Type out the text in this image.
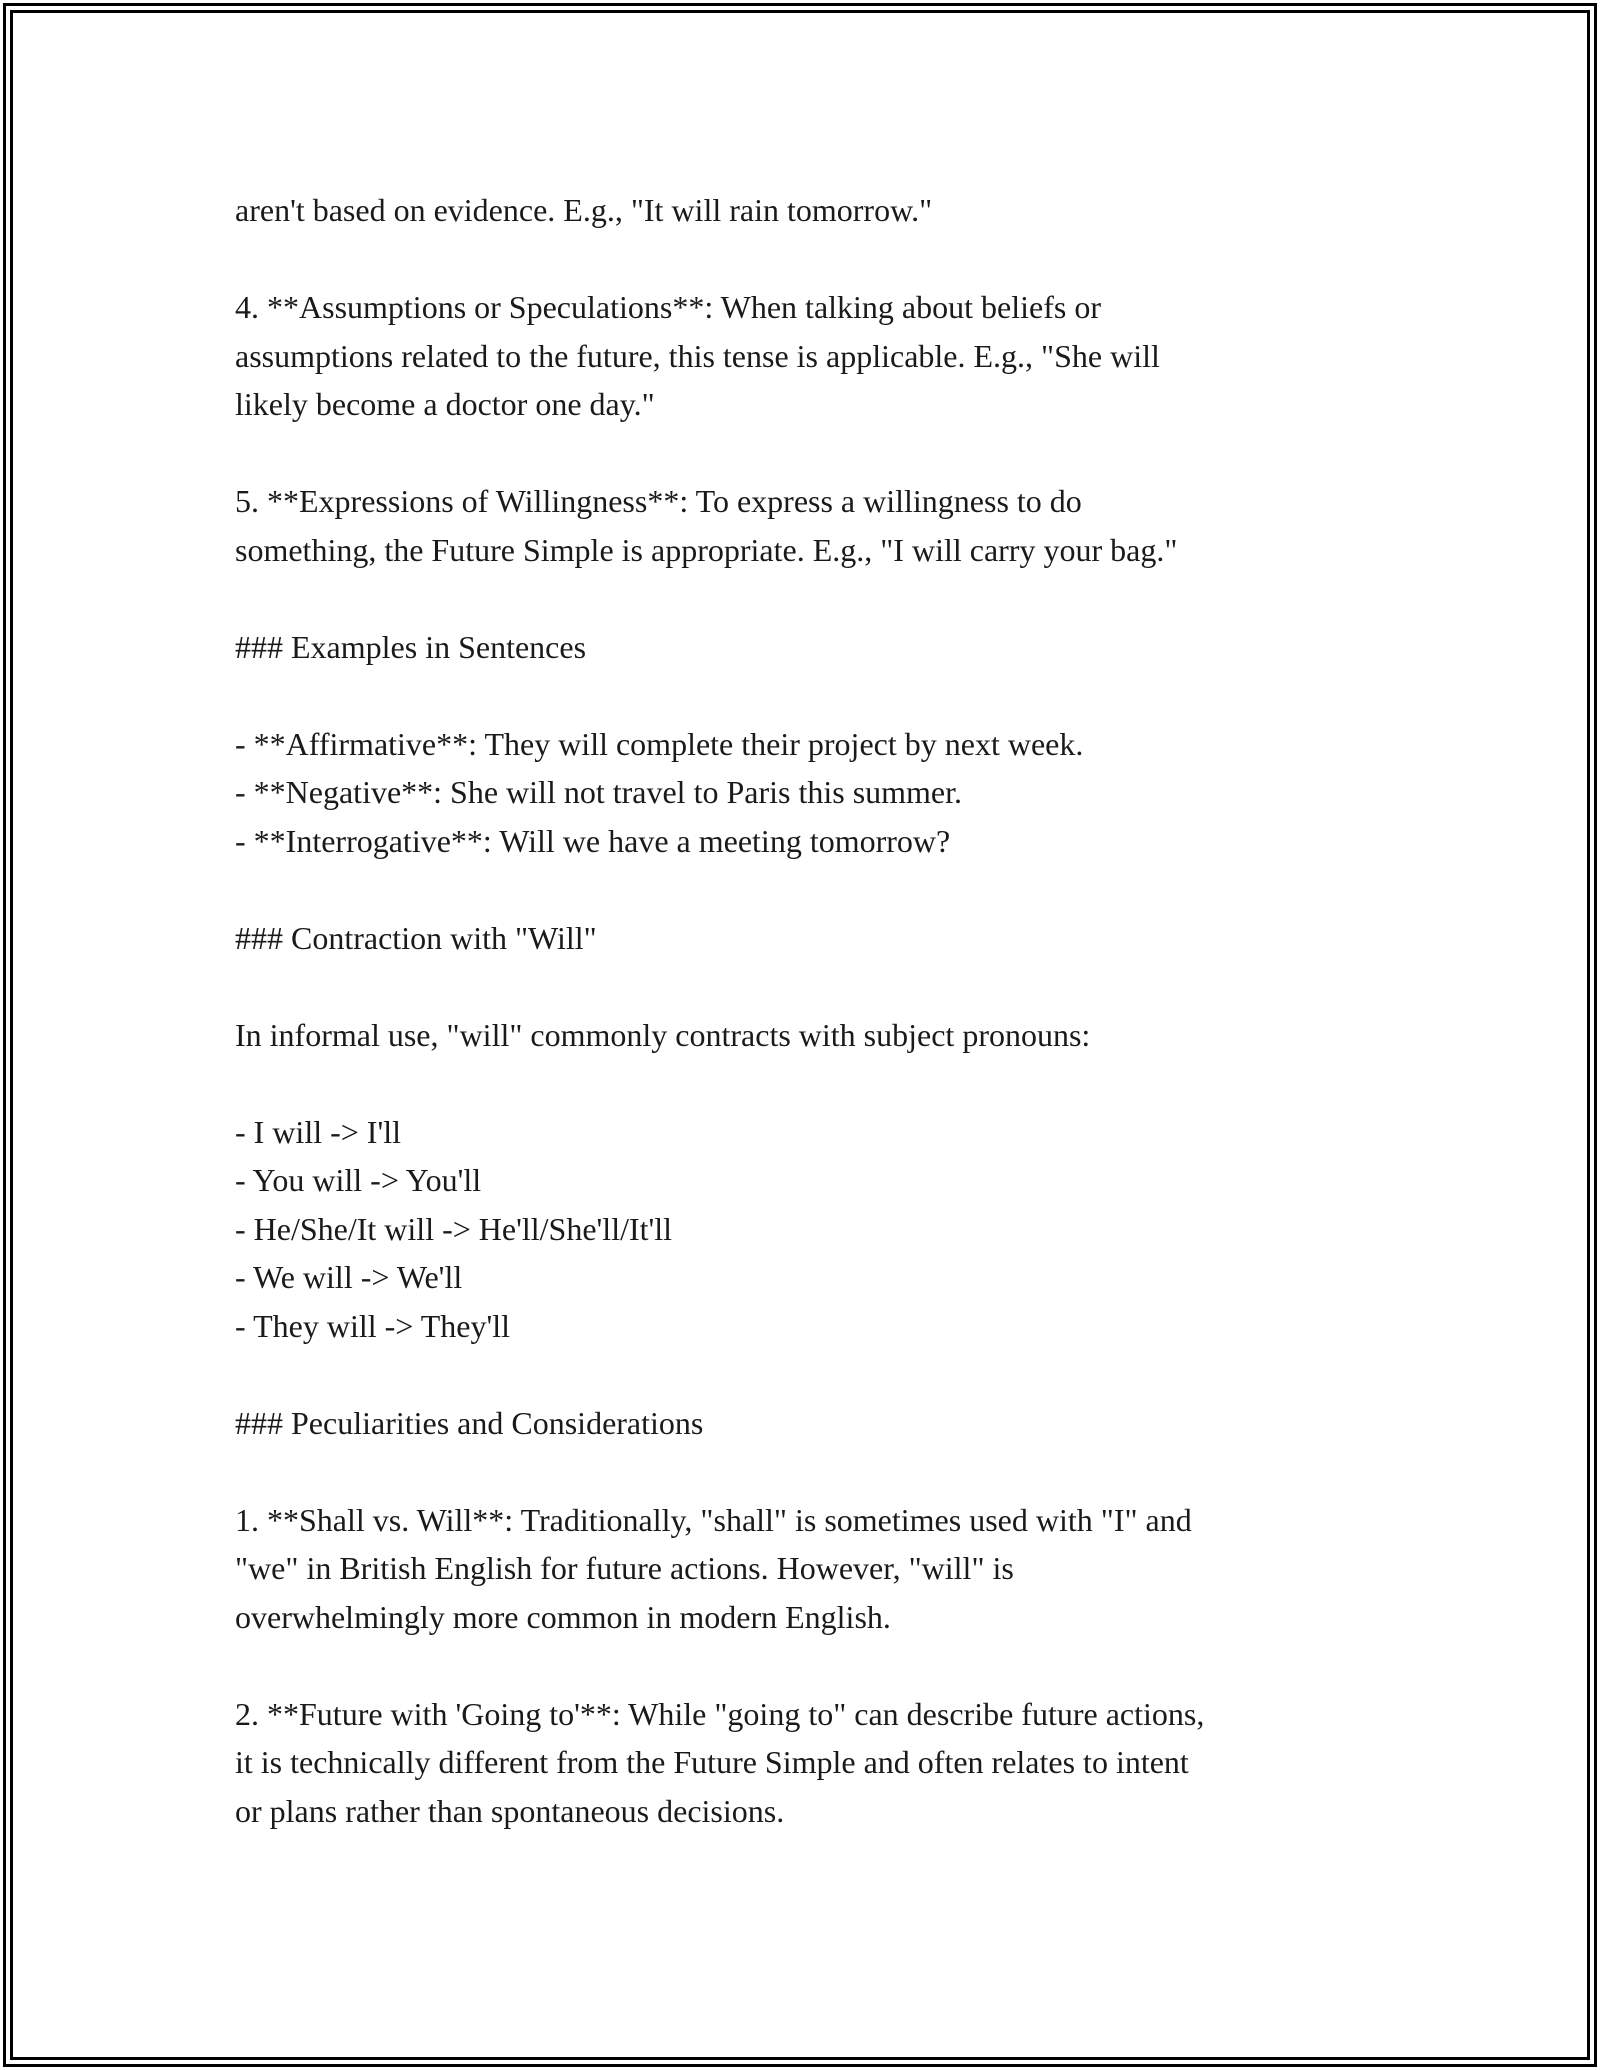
aren't based on evidence. E.g., "It will rain tomorrow."
4. **Assumptions or Speculations**: When talking about beliefs or
assumptions related to the future, this tense is applicable. E.g., "She will
likely become a doctor one day."
5. **Expressions of Willingness**: To express a willingness to do
something, the Future Simple is appropriate. E.g., "I will carry your bag."
### Examples in Sentences
- **Affirmative**: They will complete their project by next week.
- **Negative**: She will not travel to Paris this summer.
- **Interrogative**: Will we have a meeting tomorrow?
### Contraction with "Will"
In informal use, "will" commonly contracts with subject pronouns:
- I will -> I'll
- You will -> You'll
- He/She/It will -> He'll/She'll/It'll
- We will -> We'll
- They will -> They'll
### Peculiarities and Considerations
1. **Shall vs. Will**: Traditionally, "shall" is sometimes used with "I" and
"we" in British English for future actions. However, "will" is
overwhelmingly more common in modern English.
2. **Future with 'Going to'**: While "going to" can describe future actions,
it is technically different from the Future Simple and often relates to intent
or plans rather than spontaneous decisions.
